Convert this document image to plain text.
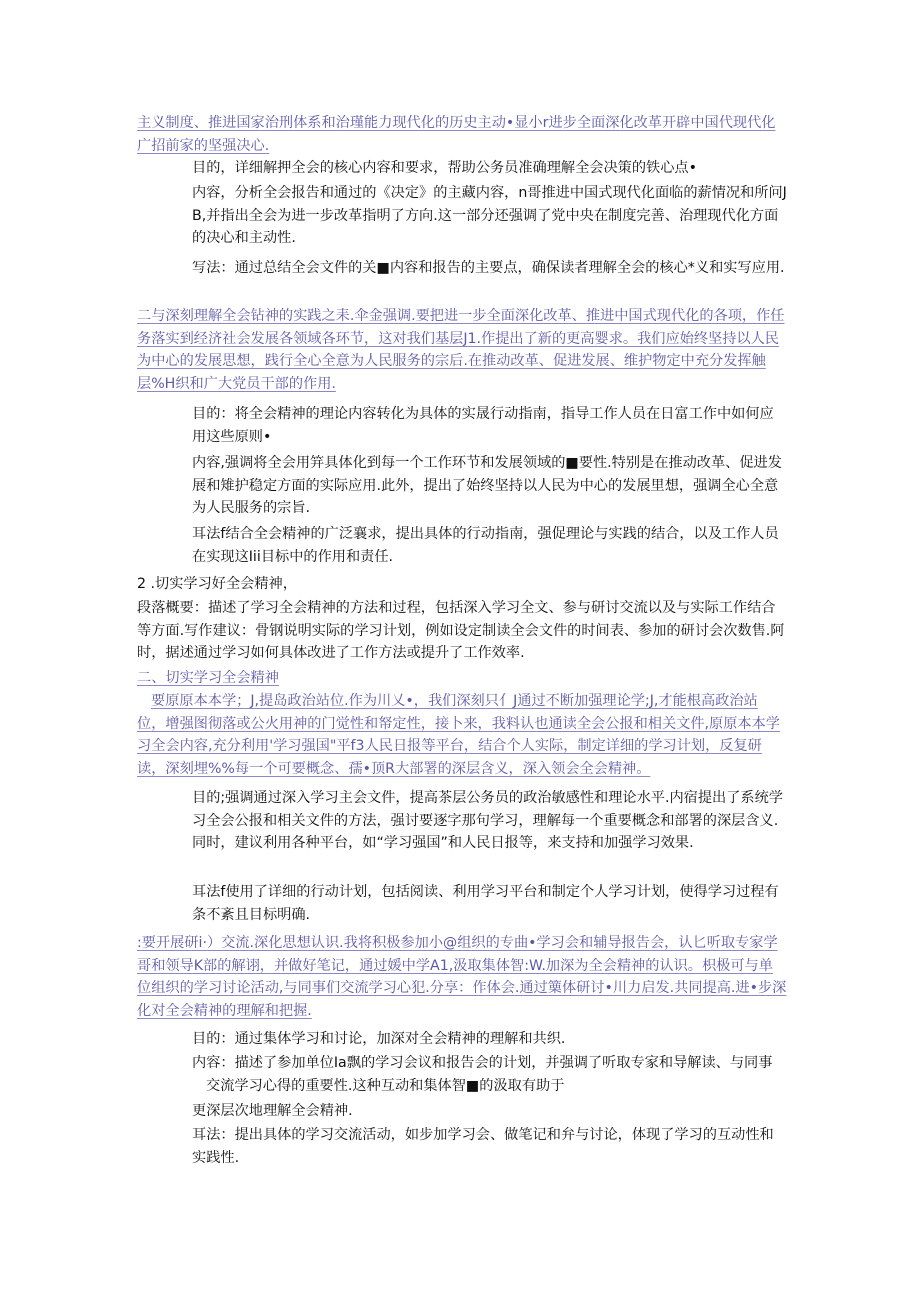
主义制度、推进国家治刑体系和治瑾能力现代化的历史主动•显小r进步全面深化改革开辟中国代现代化广招前家的坚强决心.

目的，详细解押全会的核心内容和要求，帮助公务员准确理解全会决策的铁心点•

内容，分析全会报告和通过的《决定》的主藏内容，n哥推进中国式现代化面临的薪情况和所问JB,并指出全会为进一步改革指明了方向.这一部分还强调了党中央在制度完善、治理现代化方面的决心和主动性.

写法：通过总结全会文件的关■内容和报告的主要点，确保读者理解全会的核心*义和实写应用.

二与深刻理解全会钻神的实践之耒.伞金强调.要把进一步全面深化改革、推进中国式现代化的各项，作任务落实到经济社会发展各领域各环节，这对我们基层J1.作提出了新的更高婴求。我们应始终坚持以人民为中心的发展思想，践行全心全意为人民服务的宗后.在推动改革、促进发展、维护物定中充分发挥触层%H织和广大党员干部的作用.

目的：将全会精神的理论内容转化为具体的实晟行动指南，指导工作人员在日富工作中如何应用这些原则•

内容,强调将全会用笄具体化到每一个工作环节和发展领域的■要性.特别是在推动改革、促进发展和雉护稳定方面的实际应用.此外，提出了始终坚持以人民为中心的发展里想，强调全心全意为人民服务的宗旨.

耳法f结合全会精神的广泛襄求，提出具体的行动指南，强促理论与实践的结合，以及工作人员在实现这Iii目标中的作用和责任.

2 .切实学习好全会精神，

段落概要：描述了学习全会精神的方法和过程，包括深入学习全文、参与研讨交流以及与实际工作结合等方面.写作建议：骨钢说明实际的学习计划，例如设定制读全会文件的时间表、参加的研讨会次数售.阿时，据述通过学习如何具体改进了工作方法或提升了工作效率.

二、切实学习全会精神

要原原本本学；J,提岛政治站位.作为川乂•，我们深刻只亻J通过不断加强理论学;J,才能根高政治站位，增强图彻落或公火用神的门觉性和帑定性，接卜来，我料认也通读全会公报和相关文件,原原本本学习全会内容,充分利用'学习强国"平f3人民日报等平台，结合个人实际，制定详细的学习计划，反复研读，深刻埋%%每一个可要概念、孺•顶R大部署的深层含义，深入领会全会精神。

目的;强调通过深入学习主会文件，提高茶层公务员的政治敏感性和理论水平.内宿提出了系统学习全会公报和相关文件的方法，强讨要逐字那句学习，理解每一个重要概念和部署的深层含义.同时，建议利用各种平台，如“学习强国”和人民日报等，来支持和加强学习效果.

耳法f使用了详细的行动计划，包括阅读、利用学习平台和制定个人学习计划，使得学习过程有条不紊且目标明确.

:要开展研i·）交流.深化思想认识.我将积极参加小@组织的专曲•学习会和辅导报告会，认匕听取专家学哥和领导K部的解诩，并做好笔记，通过媛中学A1,汲取集体智:W.加深为全会精神的认识。枳极可与单位组织的学习讨论活动,与同事们交流学习心犯.分享：作体会.通过篥体研讨•川力启发.共同提高.进•步深化对全会精神的理解和把握.

目的：通过集体学习和讨论，加深对全会精神的理解和共织.

内容：描述了参加单位Ia飘的学习会议和报告会的计划，并强调了听取专家和导解读、与同事交流学习心得的重要性.这种互动和集体智■的汲取有助于

更深层次地理解全会精神.

耳法：提出具体的学习交流活动，如步加学习会、做笔记和弁与讨论，体现了学习的互动性和实践性.
